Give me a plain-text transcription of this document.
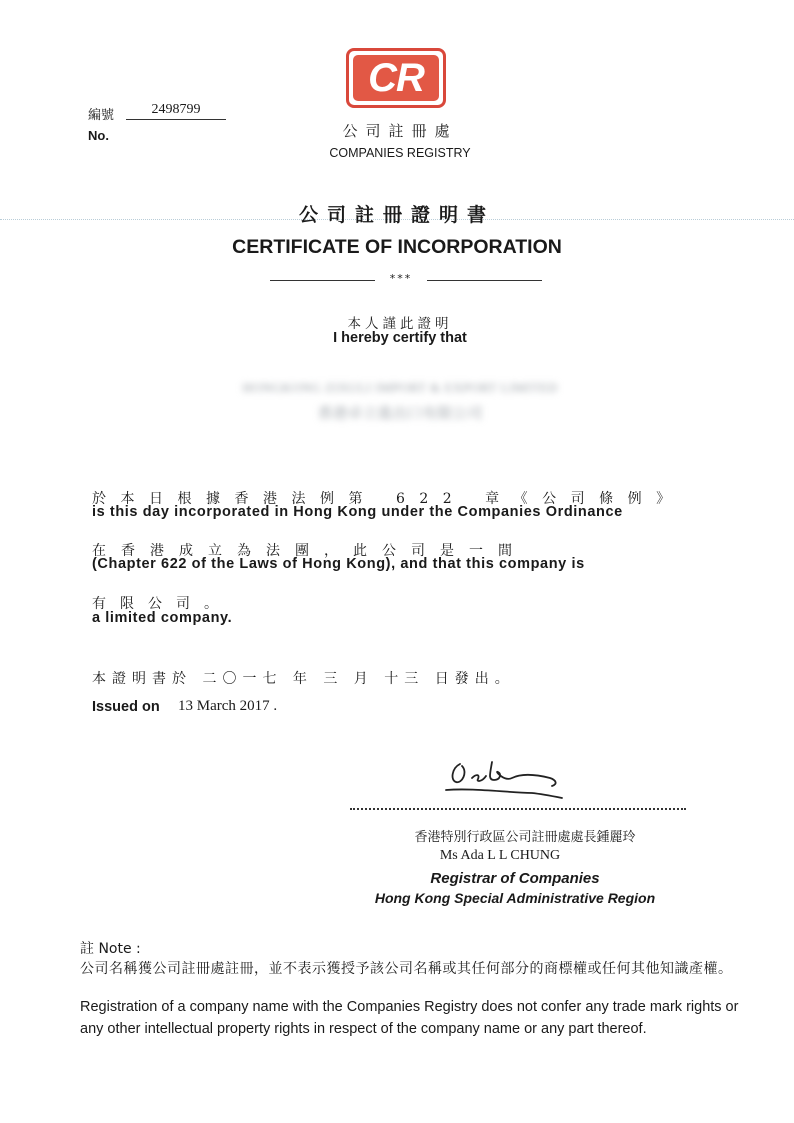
CR
公司註冊處
COMPANIES REGISTRY
編號
No.
2498799
公司註冊證明書
CERTIFICATE OF INCORPORATION
***
本人謹此證明
I hereby certify that
HONGKONG ZIXULI IMPORT & EXPORT LIMITED
香港卓立進出口有限公司
於本日根據香港法例第 622 章《公司條例》
is this day incorporated in Hong Kong under the Companies Ordinance
在香港成立為法團，此公司是一間
(Chapter 622 of the Laws of Hong Kong), and that this company is
有限公司。
a limited company.
本證明書於 二〇一七 年 三 月 十三 日發出。
Issued on 13 March 2017 .
香港特別行政區公司註冊處處長鍾麗玲
Ms Ada L L CHUNG
Registrar of Companies
Hong Kong Special Administrative Region
註 Note :
公司名稱獲公司註冊處註冊，並不表示獲授予該公司名稱或其任何部分的商標權或任何其他知識產權。
Registration of a company name with the Companies Registry does not confer any trade mark rights or any other intellectual property rights in respect of the company name or any part thereof.
